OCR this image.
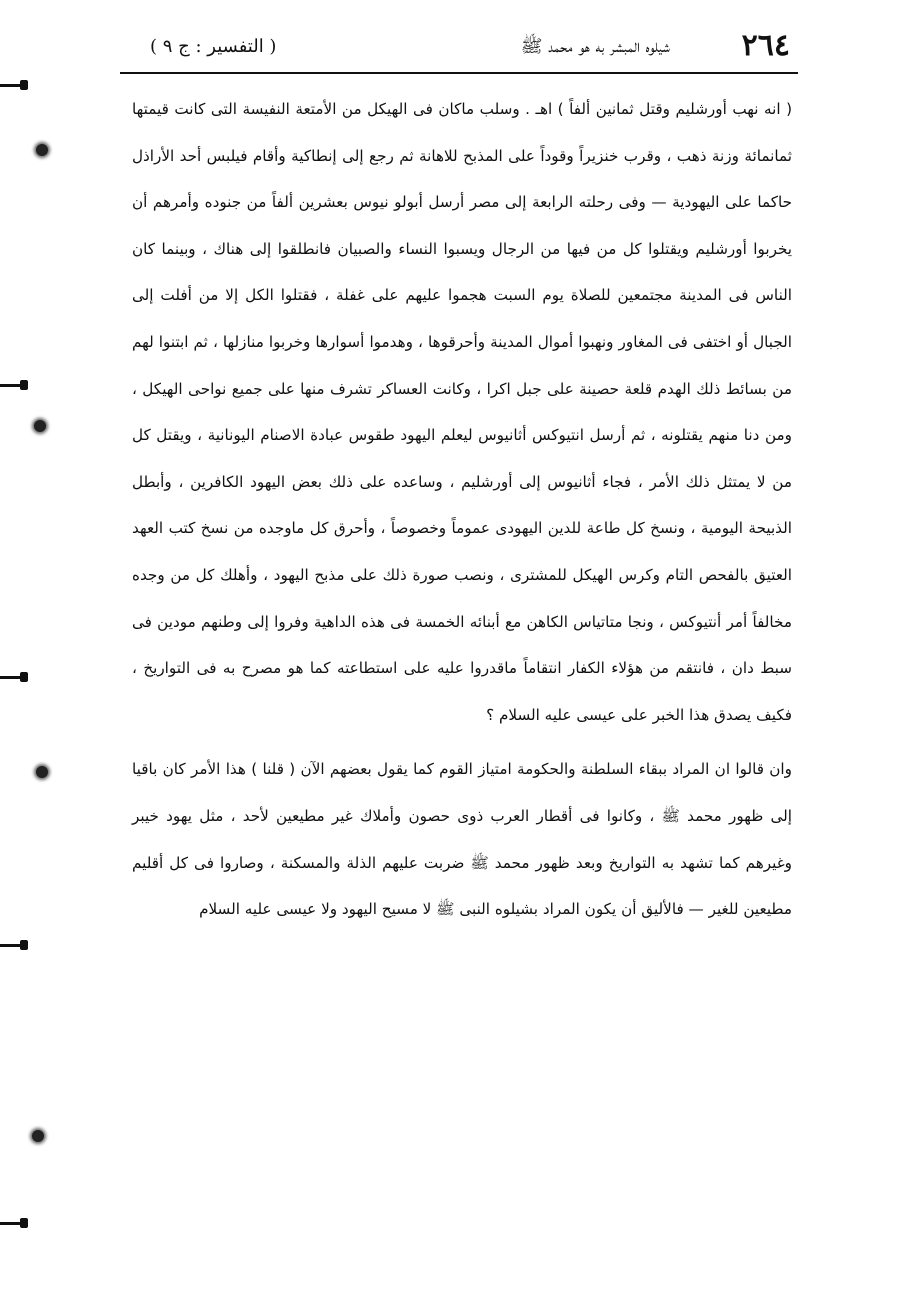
٢٦٤
شيلوه المبشر به هو محمد ﷺ
( التفسير : ج ٩ )

( انه نهب أورشليم وقتل ثمانين ألفاً ) اهـ . وسلب ماكان فى الهيكل من الأمتعة النفيسة التى كانت قيمتها ثمانمائة وزنة ذهب ، وقرب خنزيراً وقوداً على المذبح للاهانة ثم رجع إلى إنطاكية وأقام فيلبس أحد الأراذل حاكما على اليهودية — وفى رحلته الرابعة إلى مصر أرسل أبولو نيوس بعشرين ألفاً من جنوده وأمرهم أن يخربوا أورشليم ويقتلوا كل من فيها من الرجال ويسبوا النساء والصبيان فانطلقوا إلى هناك ، وبينما كان الناس فى المدينة مجتمعين للصلاة يوم السبت هجموا عليهم على غفلة ، فقتلوا الكل إلا من أفلت إلى الجبال أو اختفى فى المغاور ونهبوا أموال المدينة وأحرقوها ، وهدموا أسوارها وخربوا منازلها ، ثم ابتنوا لهم من بسائط ذلك الهدم قلعة حصينة على جبل اكرا ، وكانت العساكر تشرف منها على جميع نواحى الهيكل ، ومن دنا منهم يقتلونه ، ثم أرسل انتيوكس أثانيوس ليعلم اليهود طقوس عبادة الاصنام اليونانية ، ويقتل كل من لا يمتثل ذلك الأمر ، فجاء أثانيوس إلى أورشليم ، وساعده على ذلك بعض اليهود الكافرين ، وأبطل الذبيحة اليومية ، ونسخ كل طاعة للدين اليهودى عموماً وخصوصاً ، وأحرق كل ماوجده من نسخ كتب العهد العتيق بالفحص التام وكرس الهيكل للمشترى ، ونصب صورة ذلك على مذبح اليهود ، وأهلك كل من وجده مخالفاً أمر أنتيوكس ، ونجا متاتياس الكاهن مع أبنائه الخمسة فى هذه الداهية وفروا إلى وطنهم مودين فى سبط دان ، فانتقم من هؤلاء الكفار انتقاماً ماقدروا عليه على استطاعته كما هو مصرح به فى التواريخ ، فكيف يصدق هذا الخبر على عيسى عليه السلام ؟

وان قالوا ان المراد ببقاء السلطنة والحكومة امتياز القوم كما يقول بعضهم الآن ( قلنا ) هذا الأمر كان باقيا إلى ظهور محمد ﷺ ، وكانوا فى أقطار العرب ذوى حصون وأملاك غير مطيعين لأحد ، مثل يهود خيبر وغيرهم كما تشهد به التواريخ وبعد ظهور محمد ﷺ ضربت عليهم الذلة والمسكنة ، وصاروا فى كل أقليم مطيعين للغير — فالأليق أن يكون المراد بشيلوه النبى ﷺ لا مسيح اليهود ولا عيسى عليه السلام
